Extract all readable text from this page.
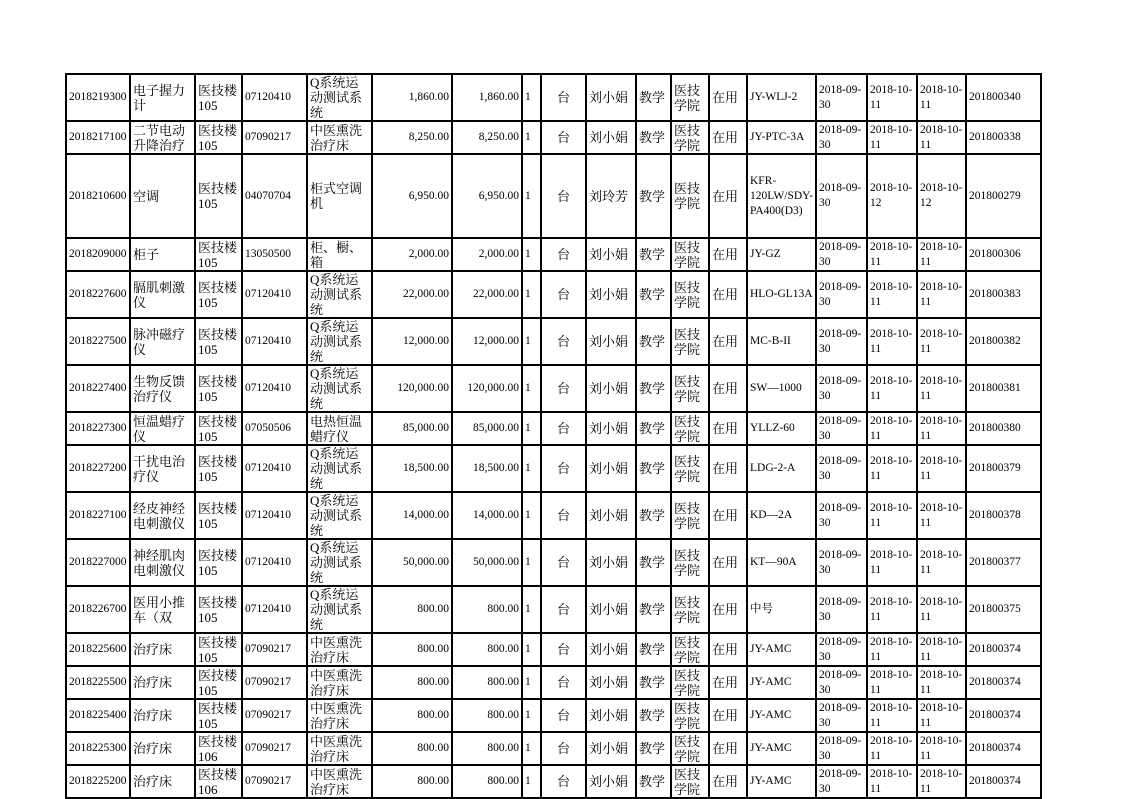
2018219300	电子握力计	医技楼105	07120410	Q系统运动测试系统	1,860.00	1,860.00	1	台	刘小娟	教学	医技学院	在用	JY-WLJ-2	2018-09-30	2018-10-11	2018-10-11	201800340
2018217100	二节电动升降治疗	医技楼105	07090217	中医熏洗治疗床	8,250.00	8,250.00	1	台	刘小娟	教学	医技学院	在用	JY-PTC-3A	2018-09-30	2018-10-11	2018-10-11	201800338
2018210600	空调	医技楼105	04070704	柜式空调机	6,950.00	6,950.00	1	台	刘玲芳	教学	医技学院	在用	KFR-120LW/SDY-PA400(D3)	2018-09-30	2018-10-12	2018-10-12	201800279
2018209000	柜子	医技楼105	13050500	柜、橱、箱	2,000.00	2,000.00	1	台	刘小娟	教学	医技学院	在用	JY-GZ	2018-09-30	2018-10-11	2018-10-11	201800306
2018227600	膈肌刺激仪	医技楼105	07120410	Q系统运动测试系统	22,000.00	22,000.00	1	台	刘小娟	教学	医技学院	在用	HLO-GL13A	2018-09-30	2018-10-11	2018-10-11	201800383
2018227500	脉冲磁疗仪	医技楼105	07120410	Q系统运动测试系统	12,000.00	12,000.00	1	台	刘小娟	教学	医技学院	在用	MC-B-II	2018-09-30	2018-10-11	2018-10-11	201800382
2018227400	生物反馈治疗仪	医技楼105	07120410	Q系统运动测试系统	120,000.00	120,000.00	1	台	刘小娟	教学	医技学院	在用	SW—1000	2018-09-30	2018-10-11	2018-10-11	201800381
2018227300	恒温蜡疗仪	医技楼105	07050506	电热恒温蜡疗仪	85,000.00	85,000.00	1	台	刘小娟	教学	医技学院	在用	YLLZ-60	2018-09-30	2018-10-11	2018-10-11	201800380
2018227200	干扰电治疗仪	医技楼105	07120410	Q系统运动测试系统	18,500.00	18,500.00	1	台	刘小娟	教学	医技学院	在用	LDG-2-A	2018-09-30	2018-10-11	2018-10-11	201800379
2018227100	经皮神经电刺激仪	医技楼105	07120410	Q系统运动测试系统	14,000.00	14,000.00	1	台	刘小娟	教学	医技学院	在用	KD—2A	2018-09-30	2018-10-11	2018-10-11	201800378
2018227000	神经肌肉电刺激仪	医技楼105	07120410	Q系统运动测试系统	50,000.00	50,000.00	1	台	刘小娟	教学	医技学院	在用	KT—90A	2018-09-30	2018-10-11	2018-10-11	201800377
2018226700	医用小推车（双	医技楼105	07120410	Q系统运动测试系统	800.00	800.00	1	台	刘小娟	教学	医技学院	在用	中号	2018-09-30	2018-10-11	2018-10-11	201800375
2018225600	治疗床	医技楼105	07090217	中医熏洗治疗床	800.00	800.00	1	台	刘小娟	教学	医技学院	在用	JY-AMC	2018-09-30	2018-10-11	2018-10-11	201800374
2018225500	治疗床	医技楼105	07090217	中医熏洗治疗床	800.00	800.00	1	台	刘小娟	教学	医技学院	在用	JY-AMC	2018-09-30	2018-10-11	2018-10-11	201800374
2018225400	治疗床	医技楼105	07090217	中医熏洗治疗床	800.00	800.00	1	台	刘小娟	教学	医技学院	在用	JY-AMC	2018-09-30	2018-10-11	2018-10-11	201800374
2018225300	治疗床	医技楼106	07090217	中医熏洗治疗床	800.00	800.00	1	台	刘小娟	教学	医技学院	在用	JY-AMC	2018-09-30	2018-10-11	2018-10-11	201800374
2018225200	治疗床	医技楼106	07090217	中医熏洗治疗床	800.00	800.00	1	台	刘小娟	教学	医技学院	在用	JY-AMC	2018-09-30	2018-10-11	2018-10-11	201800374
